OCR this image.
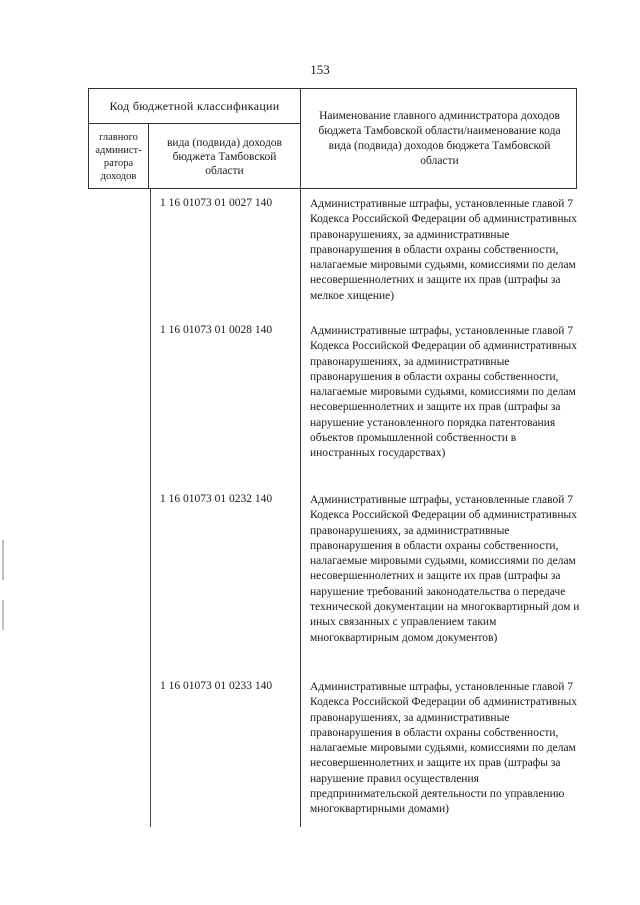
153
Код бюджетной классификации
главного админист-ратора доходов
вида (подвида) доходов бюджета Тамбовской области
Наименование главного администратора доходов бюджета Тамбовской области/наименование кода вида (подвида) доходов бюджета Тамбовской области
1 16 01073 01 0027 140	Административные штрафы, установленные главой 7 Кодекса Российской Федерации об административных правонарушениях, за административные правонарушения в области охраны собственности, налагаемые мировыми судьями, комиссиями по делам несовершеннолетних и защите их прав (штрафы за мелкое хищение)
1 16 01073 01 0028 140	Административные штрафы, установленные главой 7 Кодекса Российской Федерации об административных правонарушениях, за административные правонарушения в области охраны собственности, налагаемые мировыми судьями, комиссиями по делам несовершеннолетних и защите их прав (штрафы за нарушение установленного порядка патентования объектов промышленной собственности в иностранных государствах)
1 16 01073 01 0232 140	Административные штрафы, установленные главой 7 Кодекса Российской Федерации об административных правонарушениях, за административные правонарушения в области охраны собственности, налагаемые мировыми судьями, комиссиями по делам несовершеннолетних и защите их прав (штрафы за нарушение требований законодательства о передаче технической документации на многоквартирный дом и иных связанных с управлением таким многоквартирным домом документов)
1 16 01073 01 0233 140	Административные штрафы, установленные главой 7 Кодекса Российской Федерации об административных правонарушениях, за административные правонарушения в области охраны собственности, налагаемые мировыми судьями, комиссиями по делам несовершеннолетних и защите их прав (штрафы за нарушение правил осуществления предпринимательской деятельности по управлению многоквартирными домами)
